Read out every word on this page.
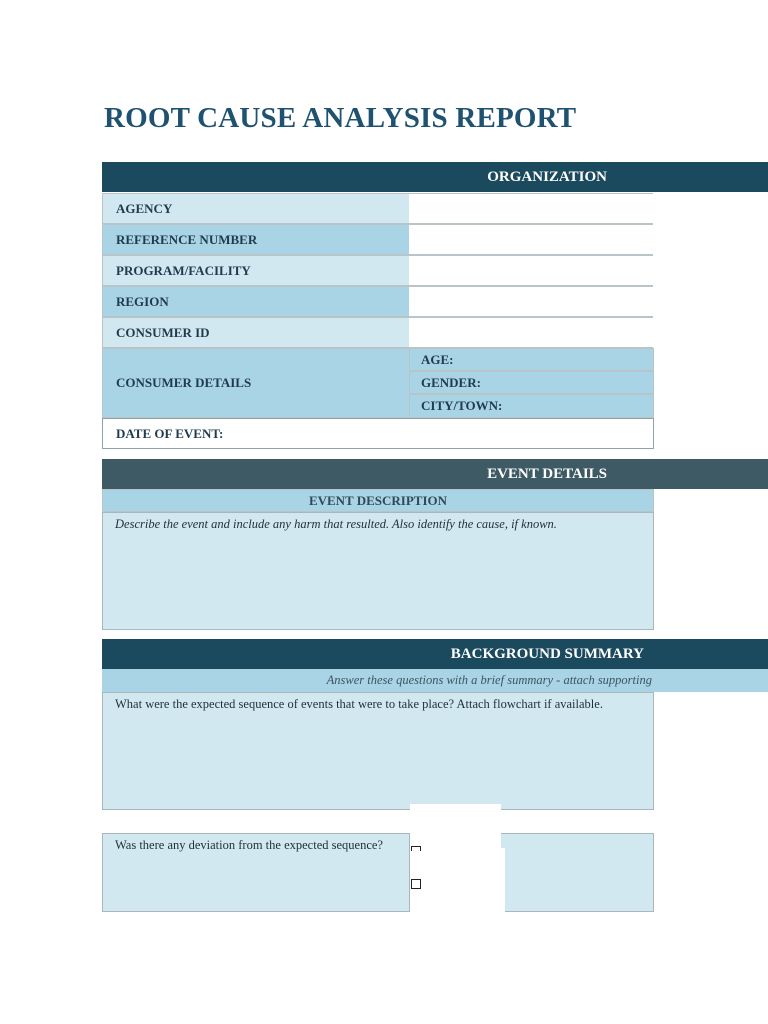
ROOT CAUSE ANALYSIS REPORT
ORGANIZATION
AGENCY
REFERENCE NUMBER
PROGRAM/FACILITY
REGION
CONSUMER ID
CONSUMER DETAILS
AGE:
GENDER:
CITY/TOWN:
DATE OF EVENT:
EVENT DETAILS
EVENT DESCRIPTION
Describe the event and include any harm that resulted. Also identify the cause, if known.
BACKGROUND SUMMARY
Answer these questions with a brief summary - attach supporting
What were the expected sequence of events that were to take place? Attach flowchart if available.
Was there any deviation from the expected sequence?
